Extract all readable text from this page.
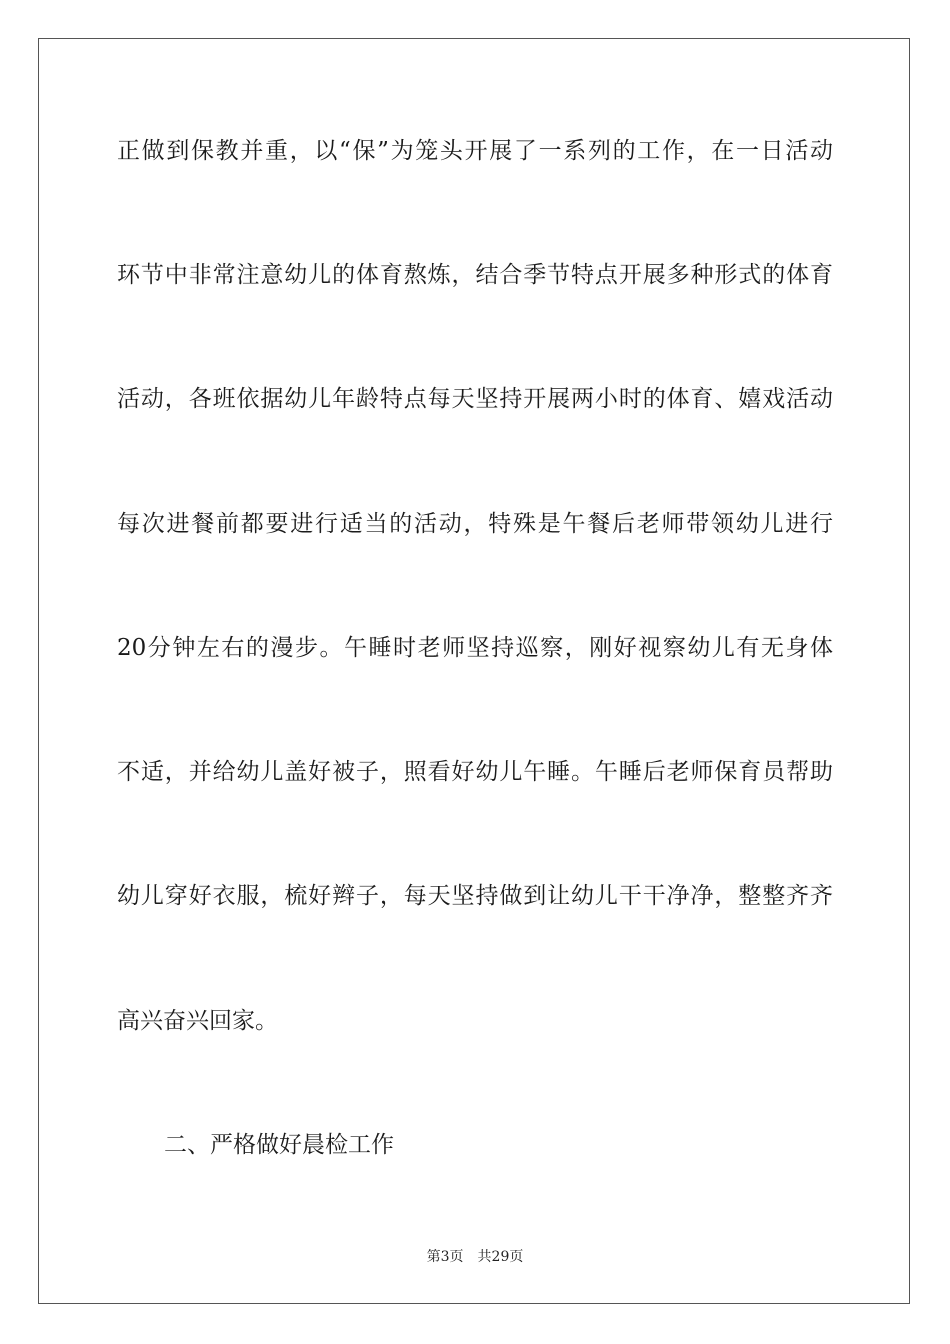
正做到保教并重，以“保”为笼头开展了一系列的工作，在一日活动
环节中非常注意幼儿的体育熬炼，结合季节特点开展多种形式的体育
活动，各班依据幼儿年龄特点每天坚持开展两小时的体育、嬉戏活动
每次进餐前都要进行适当的活动，特殊是午餐后老师带领幼儿进行
20分钟左右的漫步。午睡时老师坚持巡察，刚好视察幼儿有无身体
不适，并给幼儿盖好被子，照看好幼儿午睡。午睡后老师保育员帮助
幼儿穿好衣服，梳好辫子，每天坚持做到让幼儿干干净净，整整齐齐
高兴奋兴回家。
二、严格做好晨检工作
第3页 共29页
